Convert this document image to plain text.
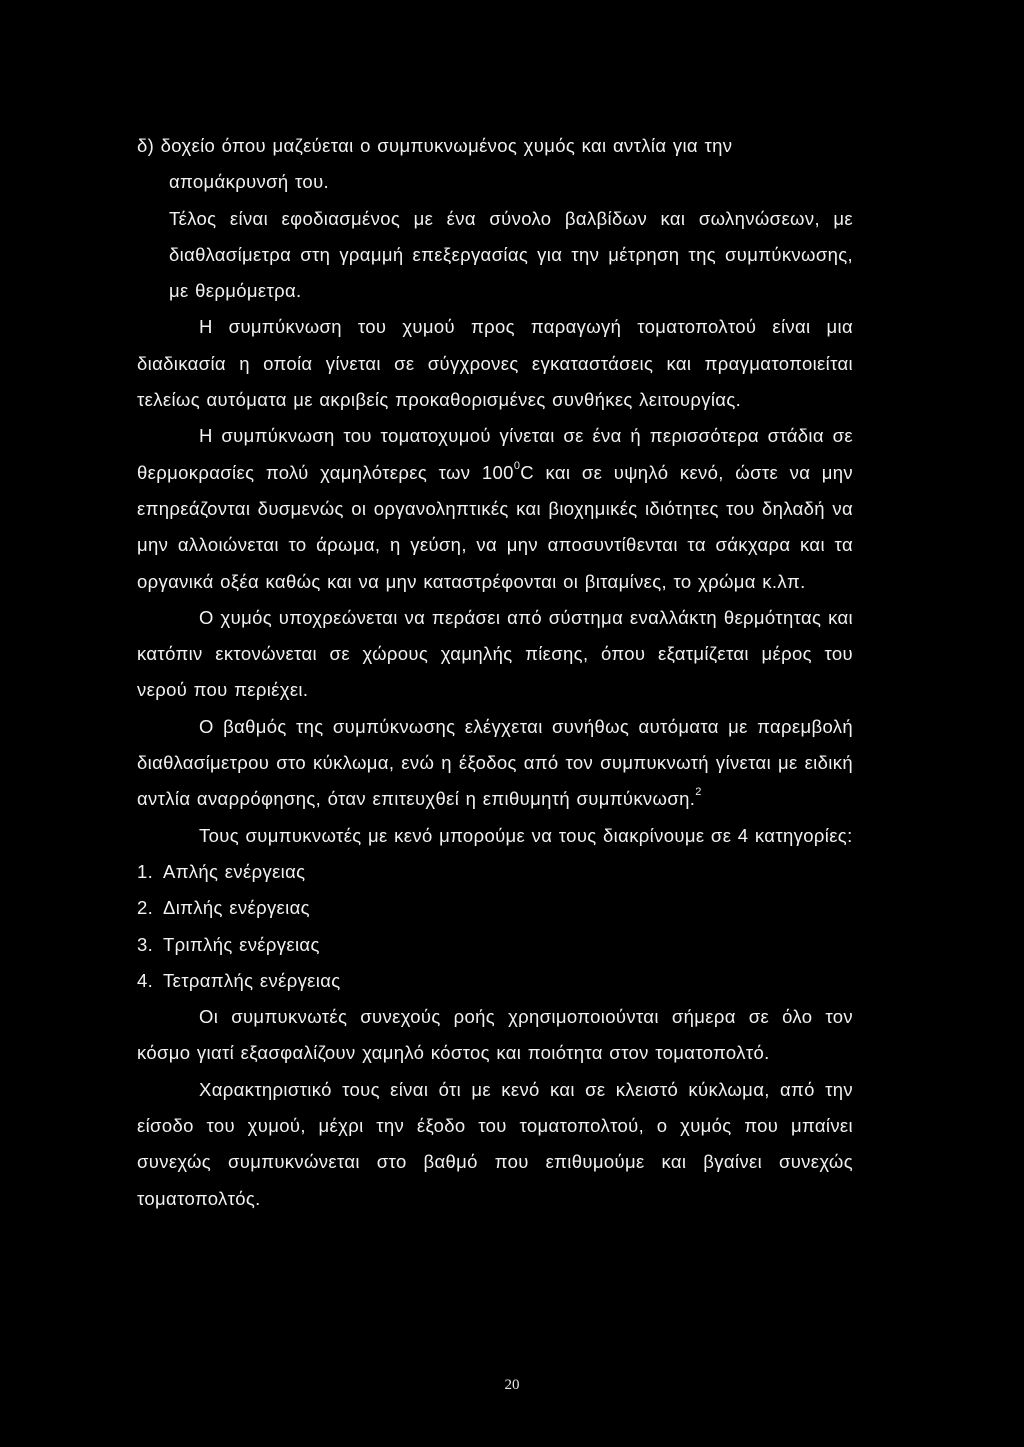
δ) δοχείο όπου μαζεύεται ο συμπυκνωμένος χυμός και αντλία για την

απομάκρυνσή του.

Τέλος είναι εφοδιασμένος με ένα σύνολο βαλβίδων και σωληνώσεων, με διαθλασίμετρα στη γραμμή επεξεργασίας για την μέτρηση της συμπύκνωσης, με θερμόμετρα.

Η συμπύκνωση του χυμού προς παραγωγή τοματοπολτού είναι μια διαδικασία η οποία γίνεται σε σύγχρονες εγκαταστάσεις και πραγματοποιείται τελείως αυτόματα με ακριβείς προκαθορισμένες συνθήκες λειτουργίας.

Η συμπύκνωση του τοματοχυμού γίνεται σε ένα ή περισσότερα στάδια σε θερμοκρασίες πολύ χαμηλότερες των $100^0C$ και σε υψηλό κενό, ώστε να μην επηρεάζονται δυσμενώς οι οργανοληπτικές και βιοχημικές ιδιότητες του δηλαδή να μην αλλοιώνεται το άρωμα, η γεύση, να μην αποσυντίθενται τα σάκχαρα και τα οργανικά οξέα καθώς και να μην καταστρέφονται οι βιταμίνες, το χρώμα κ.λπ.

Ο χυμός υποχρεώνεται να περάσει από σύστημα εναλλάκτη θερμότητας και κατόπιν εκτονώνεται σε χώρους χαμηλής πίεσης, όπου εξατμίζεται μέρος του νερού που περιέχει.

Ο βαθμός της συμπύκνωσης ελέγχεται συνήθως αυτόματα με παρεμβολή διαθλασίμετρου στο κύκλωμα, ενώ η έξοδος από τον συμπυκνωτή γίνεται με ειδική αντλία αναρρόφησης, όταν επιτευχθεί η επιθυμητή συμπύκνωση.$^2$

Τους συμπυκνωτές με κενό μπορούμε να τους διακρίνουμε σε 4 κατηγορίες:

1. Απλής ενέργειας
2. Διπλής ενέργειας
3. Τριπλής ενέργειας
4. Τετραπλής ενέργειας

Οι συμπυκνωτές συνεχούς ροής χρησιμοποιούνται σήμερα σε όλο τον κόσμο γιατί εξασφαλίζουν χαμηλό κόστος και ποιότητα στον τοματοπολτό.

Χαρακτηριστικό τους είναι ότι με κενό και σε κλειστό κύκλωμα, από την είσοδο του χυμού, μέχρι την έξοδο του τοματοπολτού, ο χυμός που μπαίνει συνεχώς συμπυκνώνεται στο βαθμό που επιθυμούμε και βγαίνει συνεχώς τοματοπολτός.

20
